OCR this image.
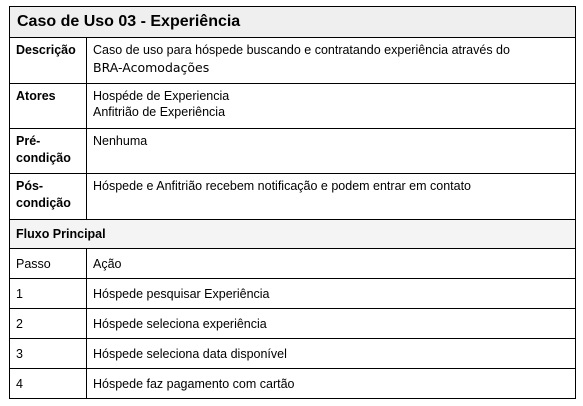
Caso de Uso 03 - Experiência	
Descrição	Caso de uso para hóspede buscando e contratando experiência através do
BRA-Acomodações

Atores	Hospéde de Experiencia
Anfitrião de Experiência

Pré-
condição	Nenhuma

Pós-
condição	Hóspede e Anfitrião recebem notificação e podem entrar em contato
Fluxo Principal	
Passo	Ação
1	Hóspede pesquisar Experiência
2	Hóspede seleciona experiência
3	Hóspede seleciona data disponível
4	Hóspede faz pagamento com cartão
